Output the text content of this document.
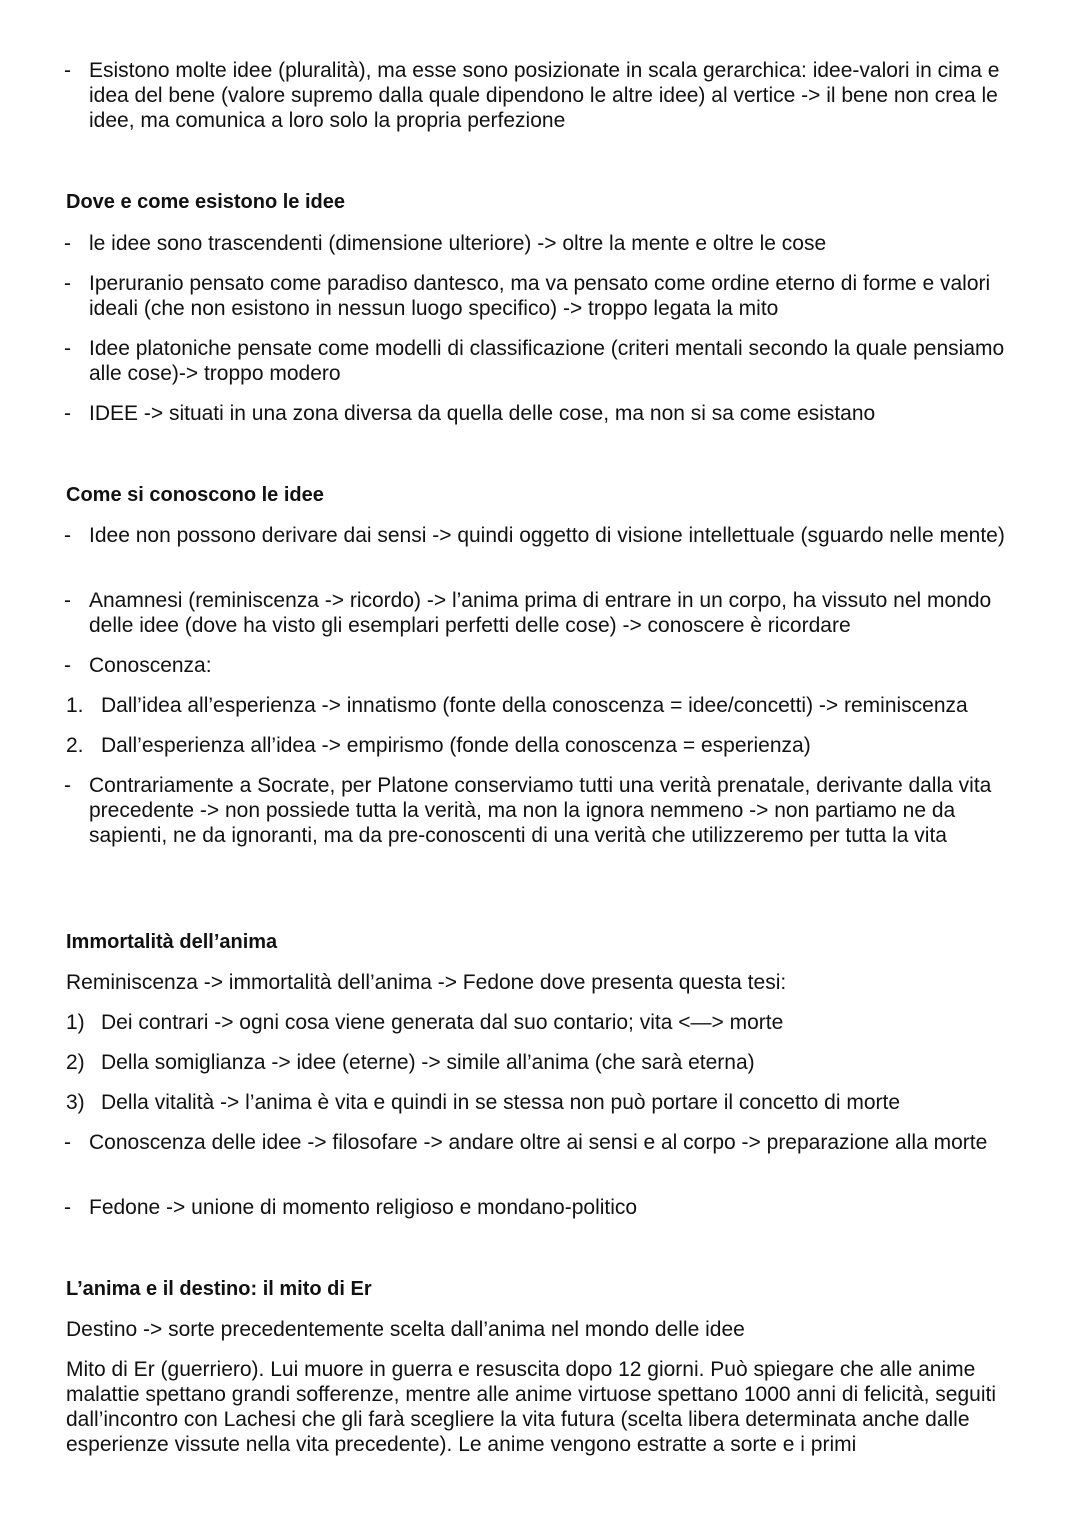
- Esistono molte idee (pluralità), ma esse sono posizionate in scala gerarchica: idee-valori in cima e idea del bene (valore supremo dalla quale dipendono le altre idee) al vertice -> il bene non crea le idee, ma comunica a loro solo la propria perfezione

Dove e come esistono le idee

- le idee sono trascendenti (dimensione ulteriore) -> oltre la mente e oltre le cose

- Iperuranio pensato come paradiso dantesco, ma va pensato come ordine eterno di forme e valori ideali (che non esistono in nessun luogo specifico) -> troppo legata la mito

- Idee platoniche pensate come modelli di classificazione (criteri mentali secondo la quale pensiamo alle cose)-> troppo modero

- IDEE -> situati in una zona diversa da quella delle cose, ma non si sa come esistano

Come si conoscono le idee

- Idee non possono derivare dai sensi -> quindi oggetto di visione intellettuale (sguardo nelle mente)

- Anamnesi (reminiscenza -> ricordo) -> l’anima prima di entrare in un corpo, ha vissuto nel mondo delle idee (dove ha visto gli esemplari perfetti delle cose) -> conoscere è ricordare

- Conoscenza:

1. Dall’idea all’esperienza -> innatismo (fonte della conoscenza = idee/concetti) -> reminiscenza

2. Dall’esperienza all’idea -> empirismo (fonde della conoscenza = esperienza)

- Contrariamente a Socrate, per Platone conserviamo tutti una verità prenatale, derivante dalla vita precedente -> non possiede tutta la verità, ma non la ignora nemmeno -> non partiamo ne da sapienti, ne da ignoranti, ma da pre-conoscenti di una verità che utilizzeremo per tutta la vita

Immortalità dell’anima

Reminiscenza -> immortalità dell’anima -> Fedone dove presenta questa tesi:

1) Dei contrari -> ogni cosa viene generata dal suo contario; vita <—> morte

2) Della somiglianza -> idee (eterne) -> simile all’anima (che sarà eterna)

3) Della vitalità -> l’anima è vita e quindi in se stessa non può portare il concetto di morte

- Conoscenza delle idee -> filosofare -> andare oltre ai sensi e al corpo -> preparazione alla morte

- Fedone -> unione di momento religioso e mondano-politico

L’anima e il destino: il mito di Er

Destino -> sorte precedentemente scelta dall’anima nel mondo delle idee

Mito di Er (guerriero). Lui muore in guerra e resuscita dopo 12 giorni. Può spiegare che alle anime malattie spettano grandi sofferenze, mentre alle anime virtuose spettano 1000 anni di felicità, seguiti dall’incontro con Lachesi che gli farà scegliere la vita futura (scelta libera determinata anche dalle esperienze vissute nella vita precedente). Le anime vengono estratte a sorte e i primi
